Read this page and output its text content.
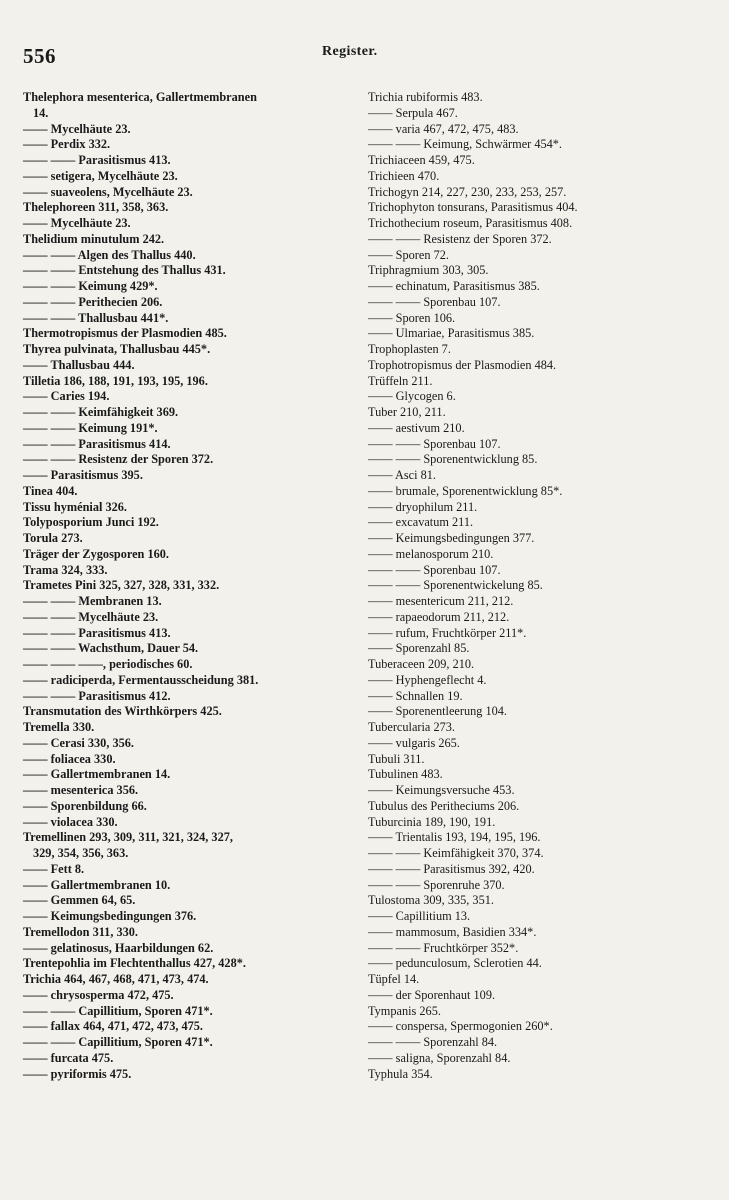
556	Register.
Thelephora mesenterica, Gallertmembranen
14.
—— Mycelhäute 23.
—— Perdix 332.
—— —— Parasitismus 413.
—— setigera, Mycelhäute 23.
—— suaveolens, Mycelhäute 23.
Thelephoreen 311, 358, 363.
—— Mycelhäute 23.
Thelidium minutulum 242.
—— —— Algen des Thallus 440.
—— —— Entstehung des Thallus 431.
—— —— Keimung 429*.
—— —— Perithecien 206.
—— —— Thallusbau 441*.
Thermotropismus der Plasmodien 485.
Thyrea pulvinata, Thallusbau 445*.
—— Thallusbau 444.
Tilletia 186, 188, 191, 193, 195, 196.
—— Caries 194.
—— —— Keimfähigkeit 369.
—— —— Keimung 191*.
—— —— Parasitismus 414.
—— —— Resistenz der Sporen 372.
—— Parasitismus 395.
Tinea 404.
Tissu hyménial 326.
Tolyposporium Junci 192.
Torula 273.
Träger der Zygosporen 160.
Trama 324, 333.
Trametes Pini 325, 327, 328, 331, 332.
—— —— Membranen 13.
—— —— Mycelhäute 23.
—— —— Parasitismus 413.
—— —— Wachsthum, Dauer 54.
—— —— ——, periodisches 60.
—— radiciperda, Fermentausscheidung 381.
—— —— Parasitismus 412.
Transmutation des Wirthkörpers 425.
Tremella 330.
—— Cerasi 330, 356.
—— foliacea 330.
—— Gallertmembranen 14.
—— mesenterica 356.
—— Sporenbildung 66.
—— violacea 330.
Tremellinen 293, 309, 311, 321, 324, 327,
329, 354, 356, 363.
—— Fett 8.
—— Gallertmembranen 10.
—— Gemmen 64, 65.
—— Keimungsbedingungen 376.
Tremellodon 311, 330.
—— gelatinosus, Haarbildungen 62.
Trentepohlia im Flechtenthallus 427, 428*.
Trichia 464, 467, 468, 471, 473, 474.
—— chrysosperma 472, 475.
—— —— Capillitium, Sporen 471*.
—— fallax 464, 471, 472, 473, 475.
—— —— Capillitium, Sporen 471*.
—— furcata 475.
—— pyriformis 475.
Trichia rubiformis 483.
—— Serpula 467.
—— varia 467, 472, 475, 483.
—— —— Keimung, Schwärmer 454*.
Trichiaceen 459, 475.
Trichieen 470.
Trichogyn 214, 227, 230, 233, 253, 257.
Trichophyton tonsurans, Parasitismus 404.
Trichothecium roseum, Parasitismus 408.
—— —— Resistenz der Sporen 372.
—— Sporen 72.
Triphragmium 303, 305.
—— echinatum, Parasitismus 385.
—— —— Sporenbau 107.
—— Sporen 106.
—— Ulmariae, Parasitismus 385.
Trophoplasten 7.
Trophotropismus der Plasmodien 484.
Trüffeln 211.
—— Glycogen 6.
Tuber 210, 211.
—— aestivum 210.
—— —— Sporenbau 107.
—— —— Sporenentwicklung 85.
—— Asci 81.
—— brumale, Sporenentwicklung 85*.
—— dryophilum 211.
—— excavatum 211.
—— Keimungsbedingungen 377.
—— melanosporum 210.
—— —— Sporenbau 107.
—— —— Sporenentwickelung 85.
—— mesentericum 211, 212.
—— rapaeodorum 211, 212.
—— rufum, Fruchtkörper 211*.
—— Sporenzahl 85.
Tuberaceen 209, 210.
—— Hyphengeflecht 4.
—— Schnallen 19.
—— Sporenentleerung 104.
Tubercularia 273.
—— vulgaris 265.
Tubuli 311.
Tubulinen 483.
—— Keimungsversuche 453.
Tubulus des Peritheciums 206.
Tuburcinia 189, 190, 191.
—— Trientalis 193, 194, 195, 196.
—— —— Keimfähigkeit 370, 374.
—— —— Parasitismus 392, 420.
—— —— Sporenruhe 370.
Tulostoma 309, 335, 351.
—— Capillitium 13.
—— mammosum, Basidien 334*.
—— —— Fruchtkörper 352*.
—— pedunculosum, Sclerotien 44.
Tüpfel 14.
—— der Sporenhaut 109.
Tympanis 265.
—— conspersa, Spermogonien 260*.
—— —— Sporenzahl 84.
—— saligna, Sporenzahl 84.
Typhula 354.
